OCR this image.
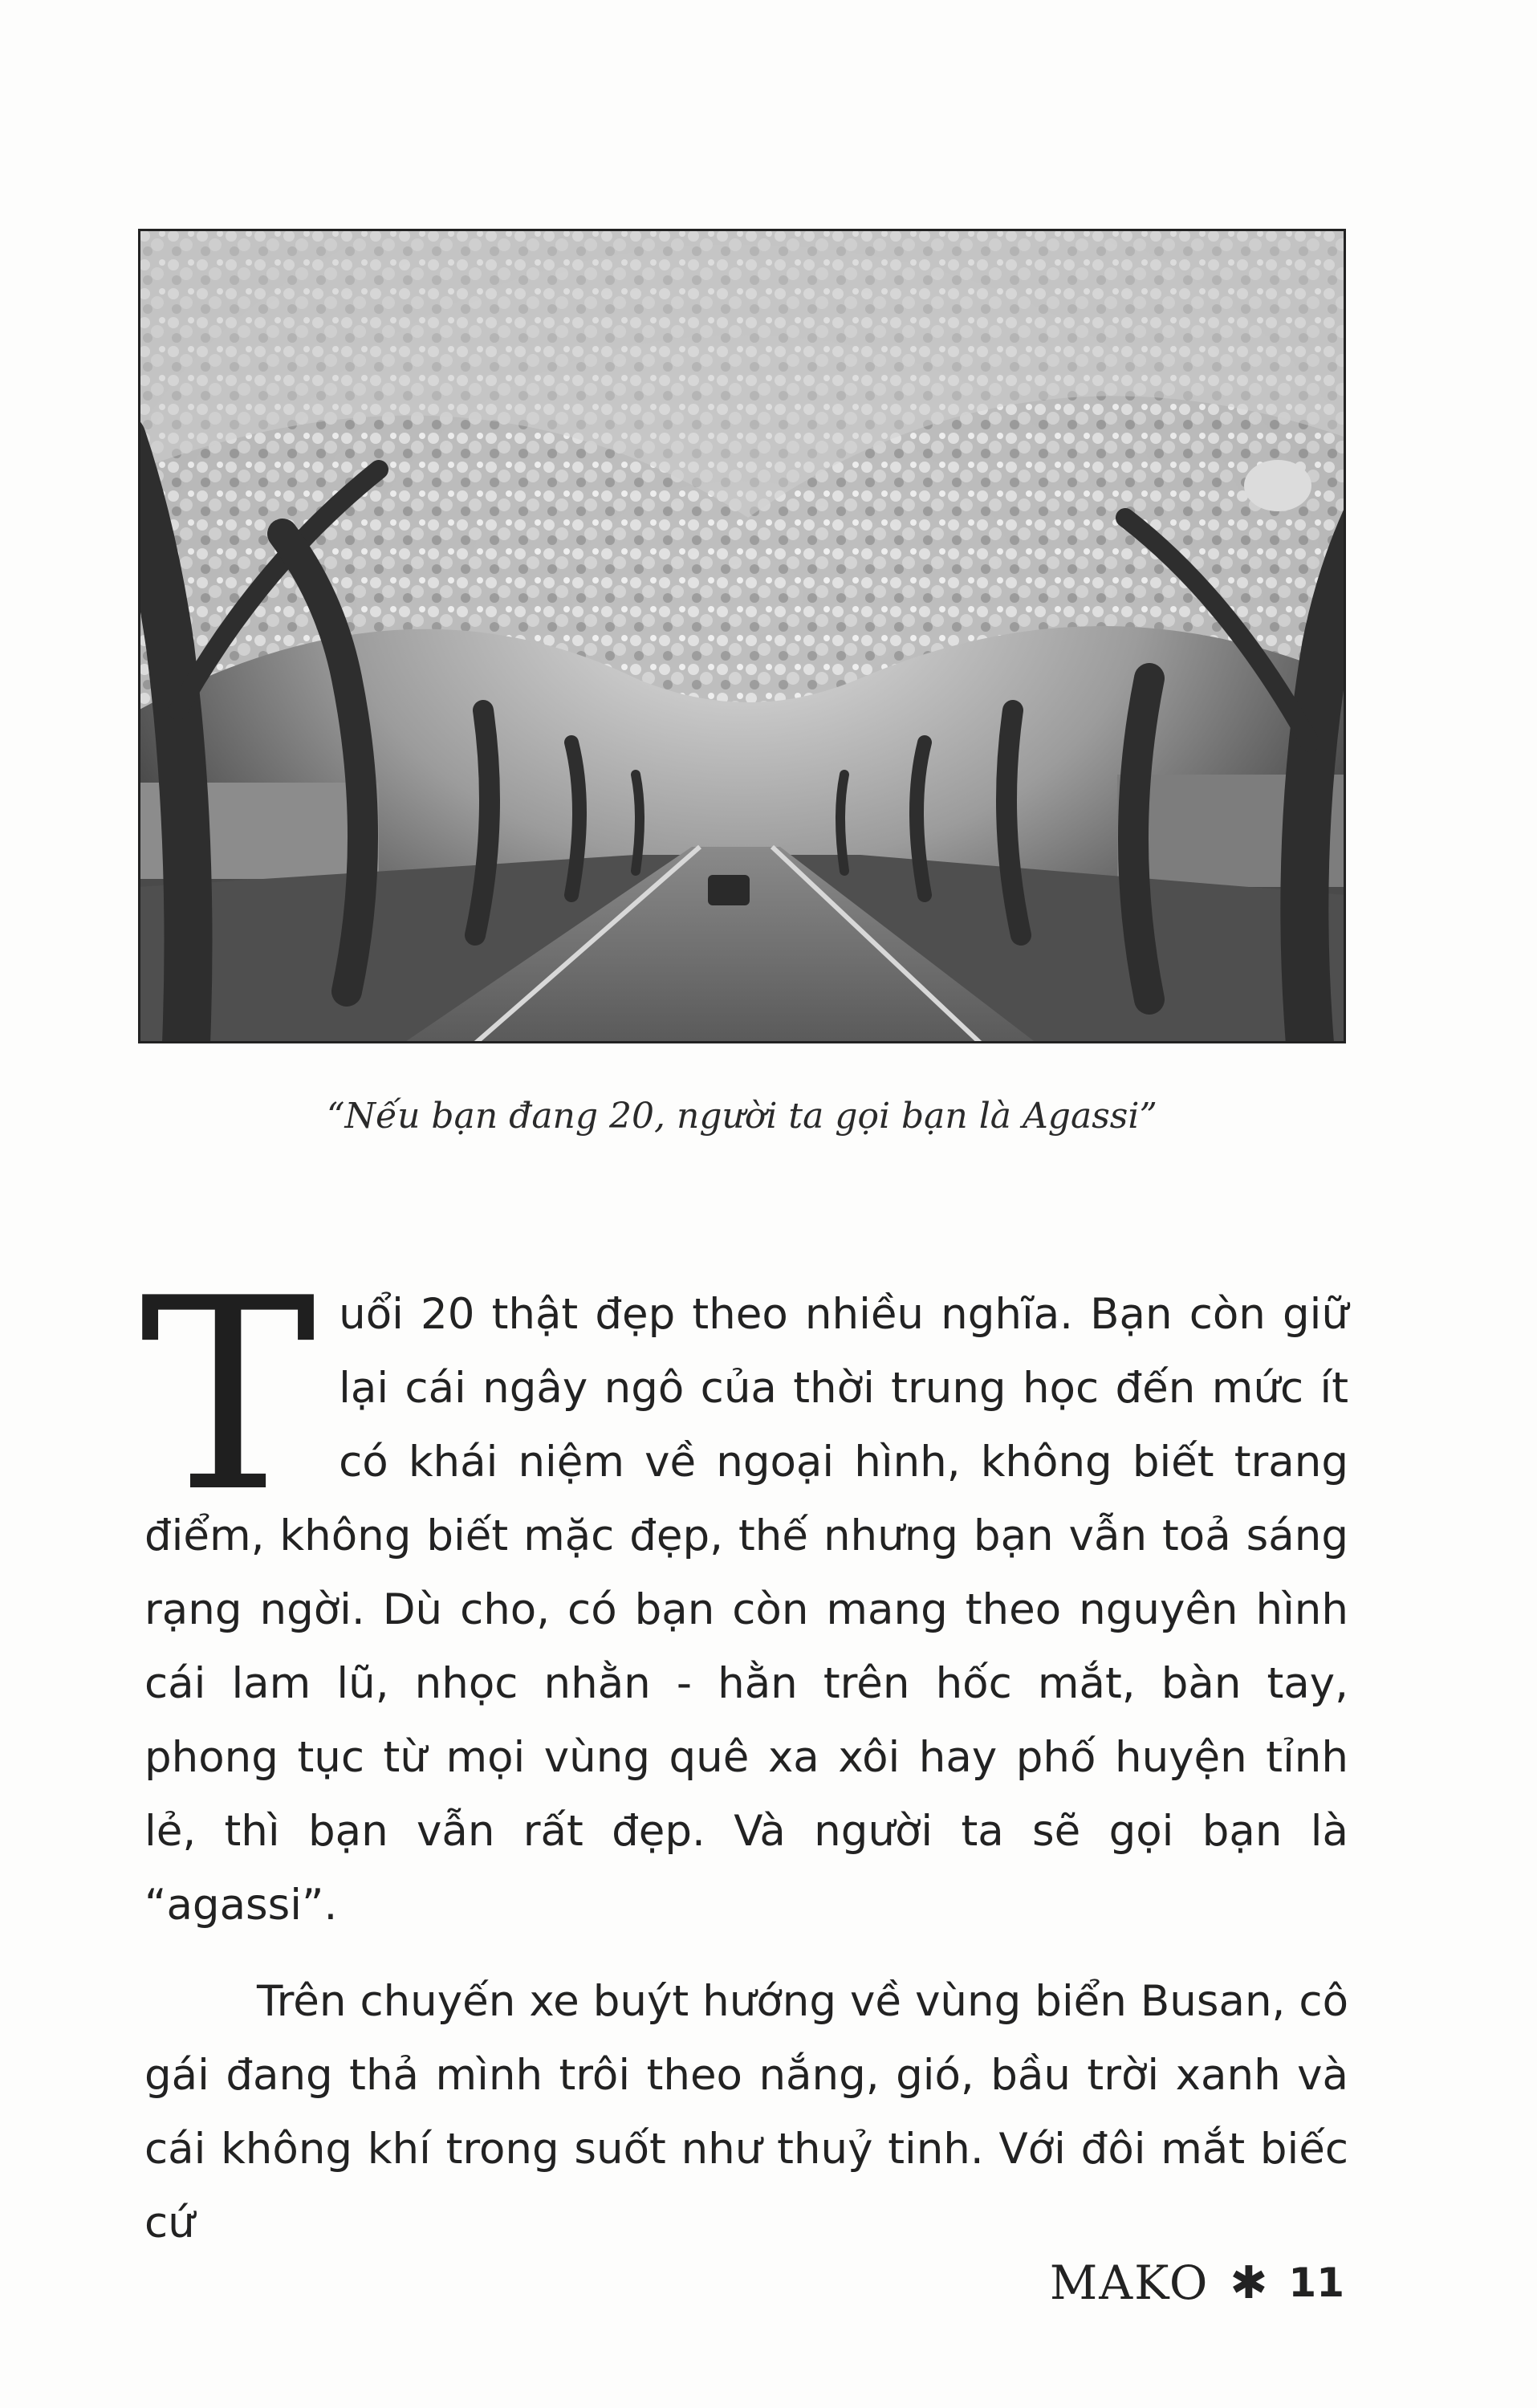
“Nếu bạn đang 20, người ta gọi bạn là Agassi”

Tuổi 20 thật đẹp theo nhiều nghĩa. Bạn còn giữ lại cái ngây ngô của thời trung học đến mức ít có khái niệm về ngoại hình, không biết trang điểm, không biết mặc đẹp, thế nhưng bạn vẫn toả sáng rạng ngời. Dù cho, có bạn còn mang theo nguyên hình cái lam lũ, nhọc nhằn - hằn trên hốc mắt, bàn tay, phong tục từ mọi vùng quê xa xôi hay phố huyện tỉnh lẻ, thì bạn vẫn rất đẹp. Và người ta sẽ gọi bạn là “agassi”.

Trên chuyến xe buýt hướng về vùng biển Busan, cô gái đang thả mình trôi theo nắng, gió, bầu trời xanh và cái không khí trong suốt như thuỷ tinh. Với đôi mắt biếc cứ

MAKO ✱ 11
